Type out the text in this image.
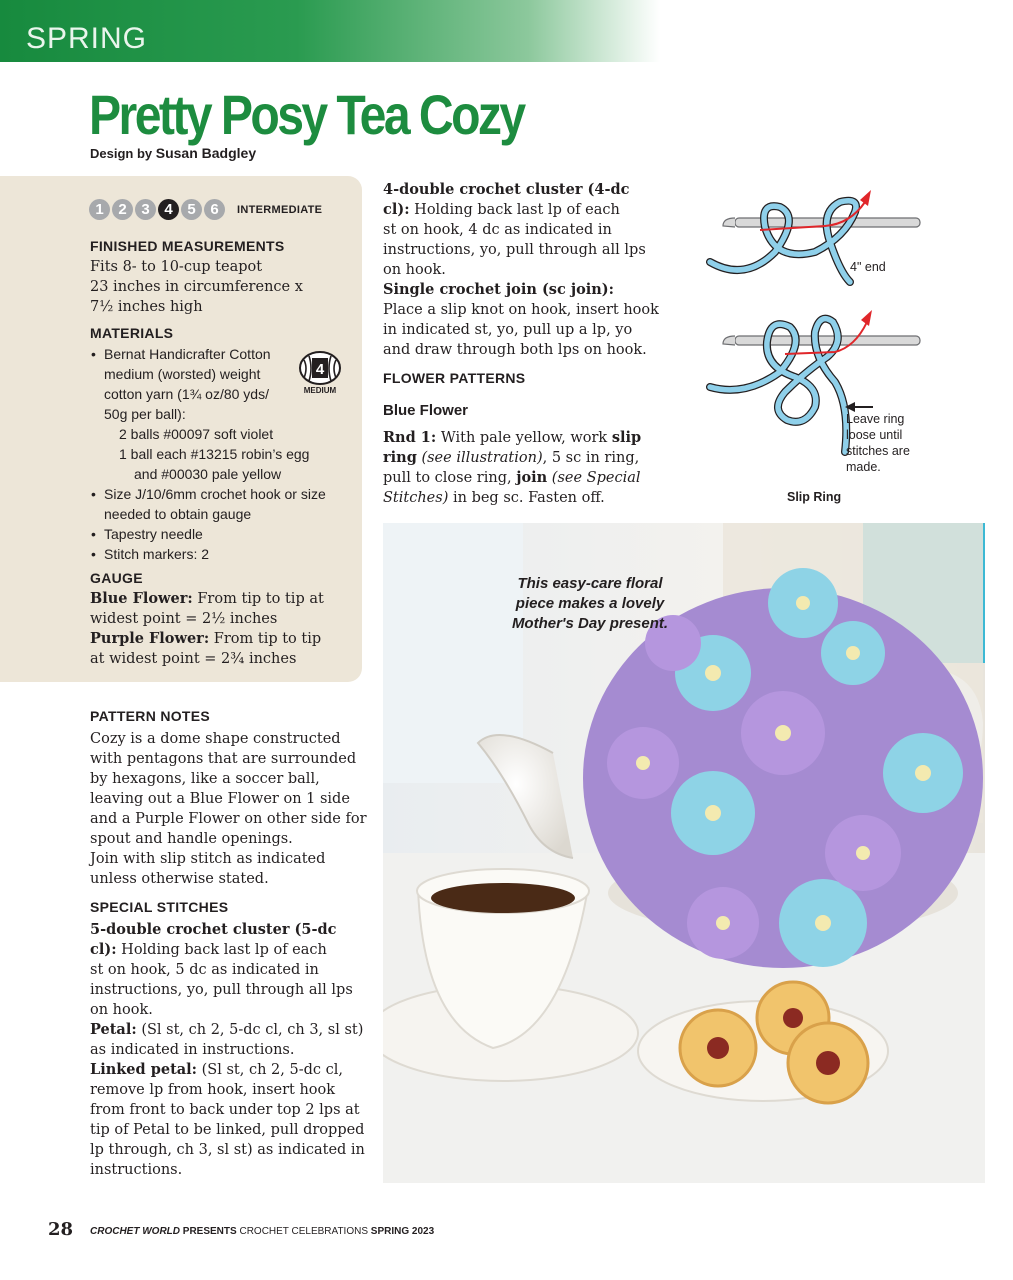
SPRING
Pretty Posy Tea Cozy
Design by Susan Badgley
1 2 3 4 5 6	INTERMEDIATE
FINISHED MEASUREMENTS
Fits 8- to 10-cup teapot
23 inches in circumference x
7½ inches high
MATERIALS
• Bernat Handicrafter Cotton
medium (worsted) weight
cotton yarn (1¾ oz/80 yds/
50g per ball):
2 balls #00097 soft violet
1 ball each #13215 robin’s egg
and #00030 pale yellow
• Size J/10/6mm crochet hook or size
needed to obtain gauge
• Tapestry needle
• Stitch markers: 2
4
MEDIUM
GAUGE
Blue Flower: From tip to tip at
widest point = 2½ inches
Purple Flower: From tip to tip
at widest point = 2¾ inches
PATTERN NOTES
Cozy is a dome shape constructed
with pentagons that are surrounded
by hexagons, like a soccer ball,
leaving out a Blue Flower on 1 side
and a Purple Flower on other side for
spout and handle openings.
Join with slip stitch as indicated
unless otherwise stated.
SPECIAL STITCHES
5-double crochet cluster (5-dc
cl): Holding back last lp of each
st on hook, 5 dc as indicated in
instructions, yo, pull through all lps
on hook.
Petal: (Sl st, ch 2, 5-dc cl, ch 3, sl st)
as indicated in instructions.
Linked petal: (Sl st, ch 2, 5-dc cl,
remove lp from hook, insert hook
from front to back under top 2 lps at
tip of Petal to be linked, pull dropped
lp through, ch 3, sl st) as indicated in
instructions.
4-double crochet cluster (4-dc
cl): Holding back last lp of each
st on hook, 4 dc as indicated in
instructions, yo, pull through all lps
on hook.
Single crochet join (sc join):
Place a slip knot on hook, insert hook
in indicated st, yo, pull up a lp, yo
and draw through both lps on hook.
FLOWER PATTERNS
Blue Flower
Rnd 1: With pale yellow, work slip
ring (see illustration), 5 sc in ring,
pull to close ring, join (see Special
Stitches) in beg sc. Fasten off.
4" end
Leave ring
loose until
stitches are
made.
Slip Ring
This easy-care floral
piece makes a lovely
Mother's Day present.
28 CROCHET WORLD PRESENTS CROCHET CELEBRATIONS SPRING 2023
